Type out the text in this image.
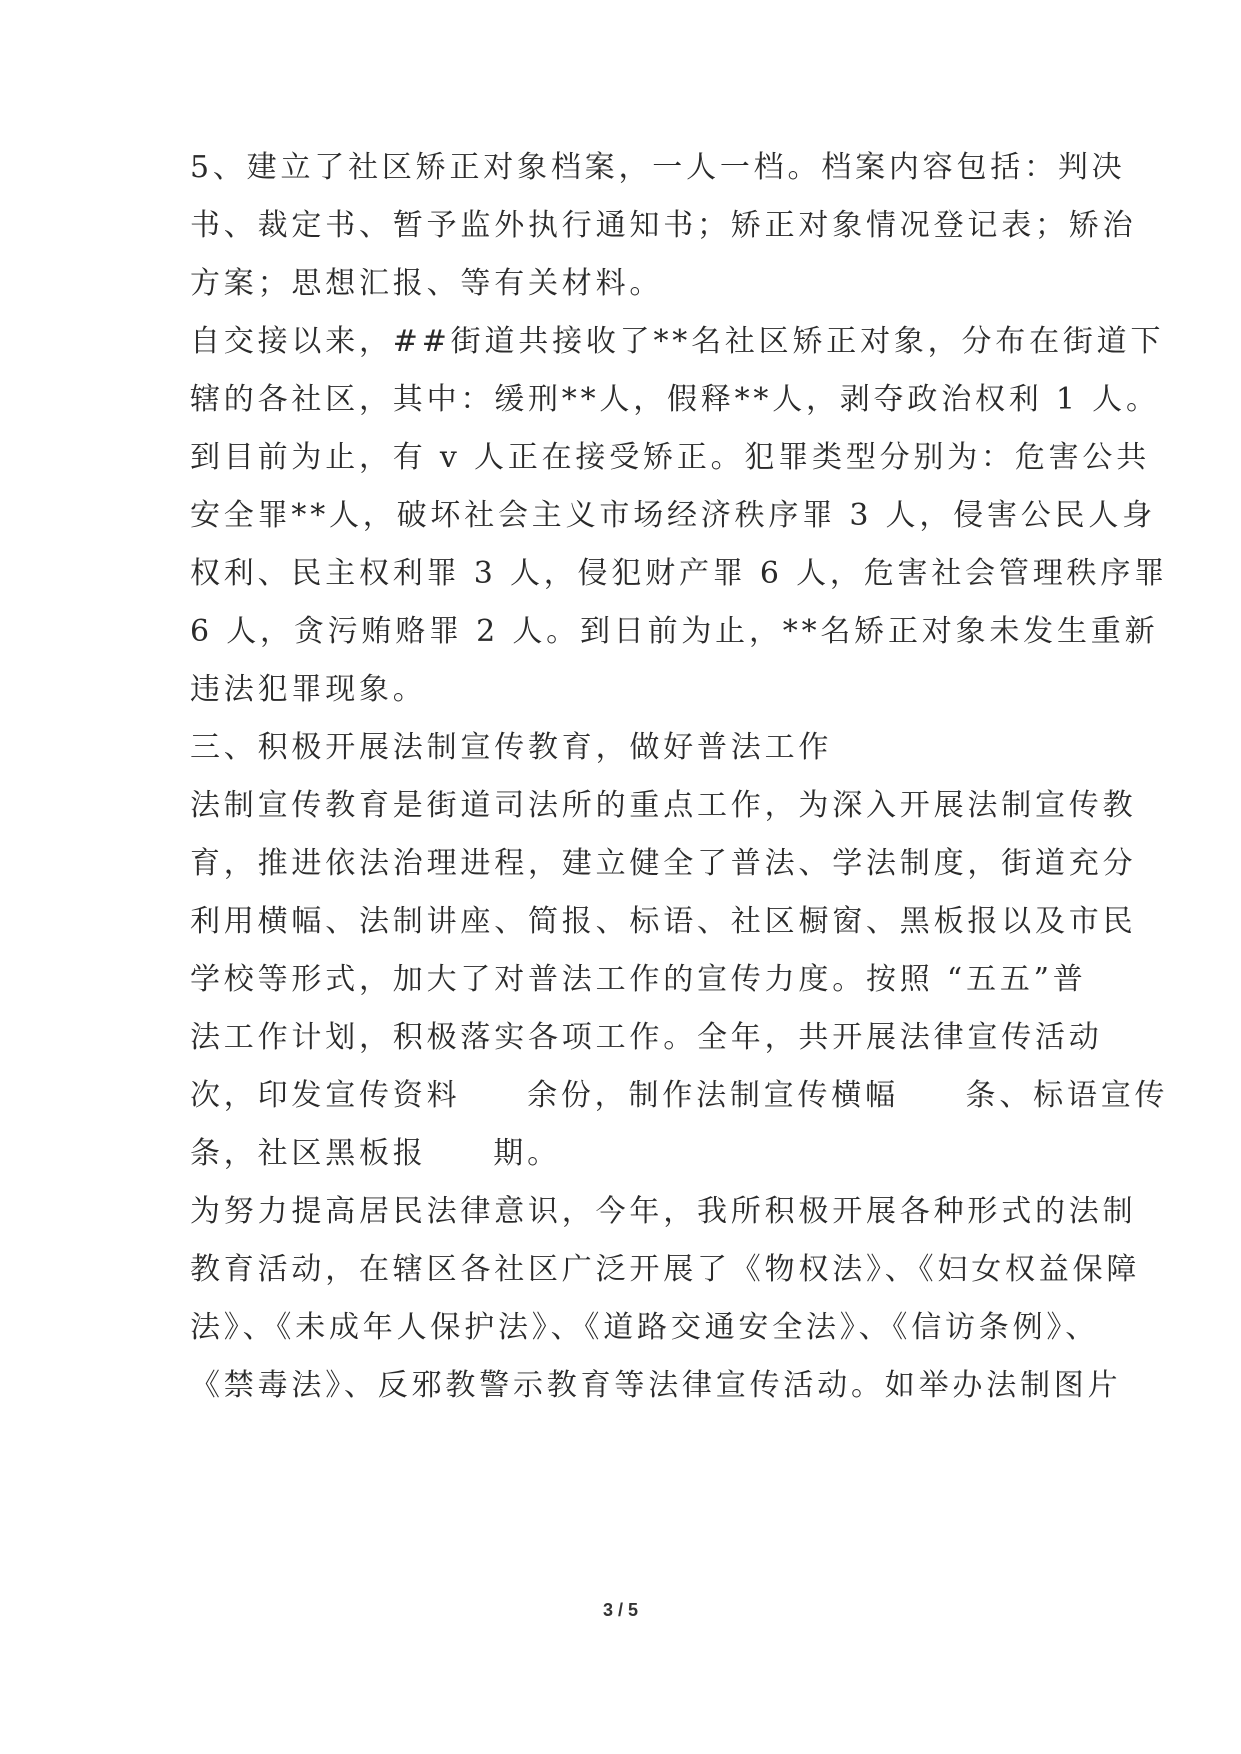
5、建立了社区矫正对象档案，一人一档。档案内容包括：判决
书、裁定书、暂予监外执行通知书；矫正对象情况登记表；矫治
方案；思想汇报、等有关材料。
自交接以来，##街道共接收了**名社区矫正对象，分布在街道下
辖的各社区，其中：缓刑**人，假释**人，剥夺政治权利 1 人。
到目前为止，有 v 人正在接受矫正。犯罪类型分别为：危害公共
安全罪**人，破坏社会主义市场经济秩序罪 3 人，侵害公民人身
权利、民主权利罪 3 人，侵犯财产罪 6 人，危害社会管理秩序罪
6 人，贪污贿赂罪 2 人。到日前为止，**名矫正对象未发生重新
违法犯罪现象。
三、积极开展法制宣传教育，做好普法工作
法制宣传教育是街道司法所的重点工作，为深入开展法制宣传教
育，推进依法治理进程，建立健全了普法、学法制度，街道充分
利用横幅、法制讲座、简报、标语、社区橱窗、黑板报以及市民
学校等形式，加大了对普法工作的宣传力度。按照 “五五”普
法工作计划，积极落实各项工作。全年，共开展法律宣传活动
次，印发宣传资料     余份，制作法制宣传横幅     条、标语宣传
条，社区黑板报     期。
为努力提高居民法律意识，今年，我所积极开展各种形式的法制
教育活动，在辖区各社区广泛开展了《物权法》、《妇女权益保障
法》、《未成年人保护法》、《道路交通安全法》、《信访条例》、
《禁毒法》、反邪教警示教育等法律宣传活动。如举办法制图片
3 / 5
